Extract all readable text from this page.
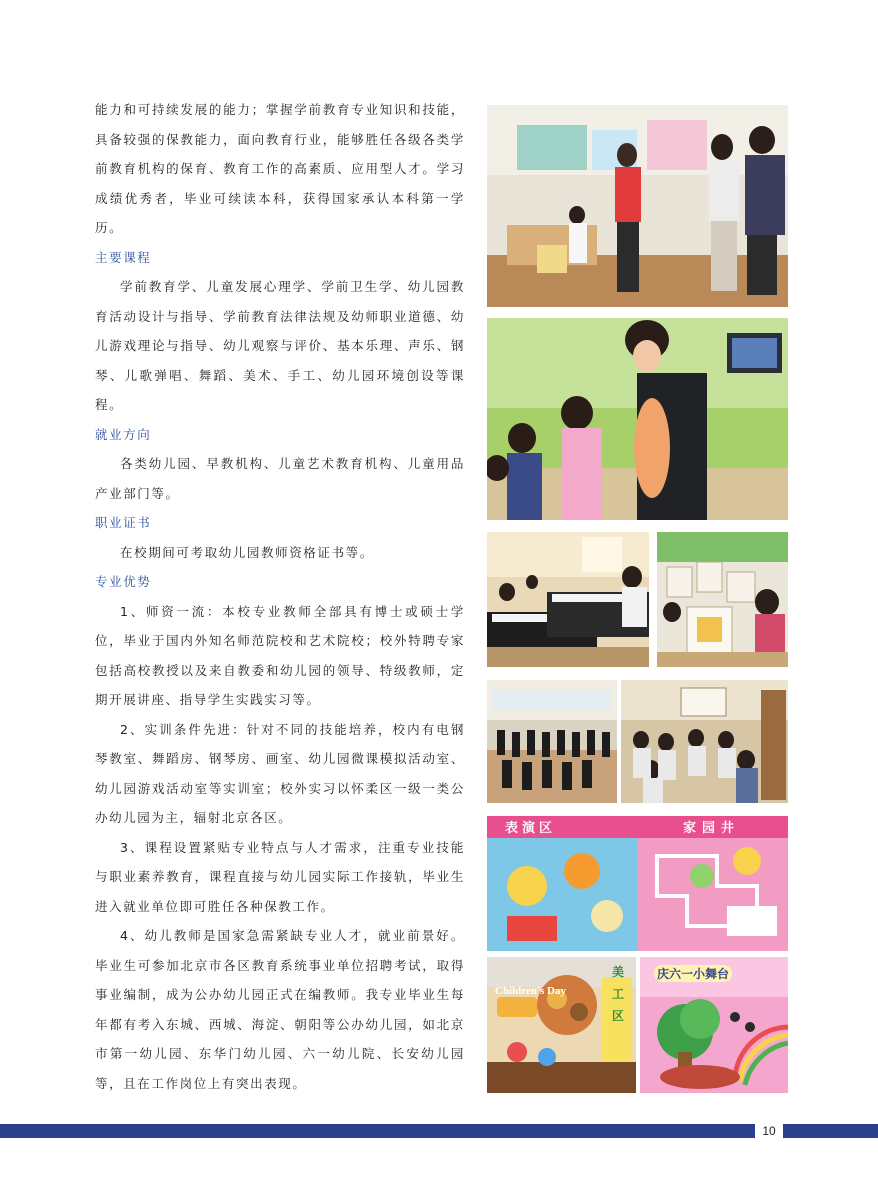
能力和可持续发展的能力；掌握学前教育专业知识和技能，具备较强的保教能力，面向教育行业，能够胜任各级各类学前教育机构的保育、教育工作的高素质、应用型人才。学习成绩优秀者，毕业可续读本科，获得国家承认本科第一学历。

主要课程

学前教育学、儿童发展心理学、学前卫生学、幼儿园教育活动设计与指导、学前教育法律法规及幼师职业道德、幼儿游戏理论与指导、幼儿观察与评价、基本乐理、声乐、钢琴、儿歌弹唱、舞蹈、美术、手工、幼儿园环境创设等课程。

就业方向

各类幼儿园、早教机构、儿童艺术教育机构、儿童用品产业部门等。

职业证书

在校期间可考取幼儿园教师资格证书等。

专业优势

1、师资一流：本校专业教师全部具有博士或硕士学位，毕业于国内外知名师范院校和艺术院校；校外特聘专家包括高校教授以及来自教委和幼儿园的领导、特级教师，定期开展讲座、指导学生实践实习等。

2、实训条件先进：针对不同的技能培养，校内有电钢琴教室、舞蹈房、钢琴房、画室、幼儿园微课模拟活动室、幼儿园游戏活动室等实训室；校外实习以怀柔区一级一类公办幼儿园为主，辐射北京各区。

3、课程设置紧贴专业特点与人才需求，注重专业技能与职业素养教育，课程直接与幼儿园实际工作接轨，毕业生进入就业单位即可胜任各种保教工作。

4、幼儿教师是国家急需紧缺专业人才，就业前景好。毕业生可参加北京市各区教育系统事业单位招聘考试，取得事业编制，成为公办幼儿园正式在编教师。我专业毕业生每年都有考入东城、西城、海淀、朝阳等公办幼儿园，如北京市第一幼儿园、东华门幼儿园、六一幼儿院、长安幼儿园等，且在工作岗位上有突出表现。

表演区	家园井
Children's Day
美工区
庆六一小舞台
10
